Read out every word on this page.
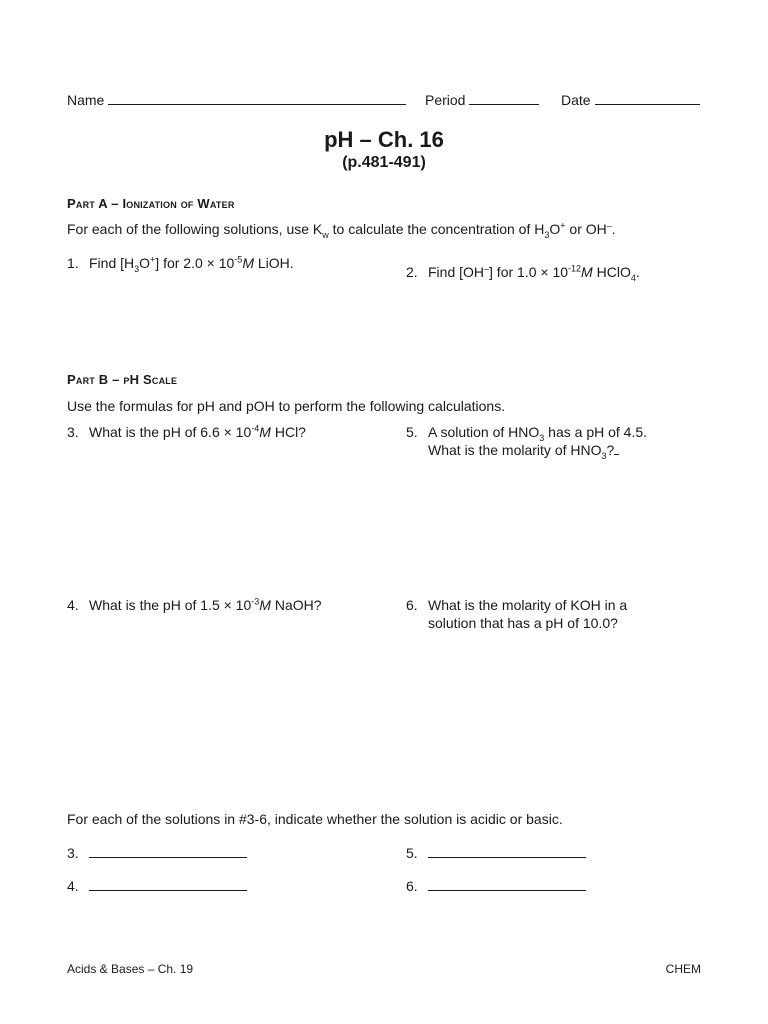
Name	Period	Date
pH – Ch. 16
(p.481-491)
Part A – Ionization of Water
For each of the following solutions, use $K_w$ to calculate the concentration of $H_3O^+$ or OH–.
1. Find $[H_3O^+]$ for $2.0 \times 10^{-5}M$ LiOH.
2. Find [OH–] for $1.0 \times 10^{-12}M$ HClO$_4$.
Part B – pH Scale
Use the formulas for pH and pOH to perform the following calculations.
3. What is the pH of $6.6 \times 10^{-4}M$ HCl?	5. A solution of $HNO_3$ has a pH of 4.5.
What is the molarity of $HNO_3$?
4. What is the pH of $1.5 \times 10^{-3}M$ NaOH?	6. What is the molarity of KOH in a
solution that has a pH of 10.0?
For each of the solutions in #3-6, indicate whether the solution is acidic or basic.
3.	5.
4.	6.
Acids & Bases – Ch. 19	CHEM
